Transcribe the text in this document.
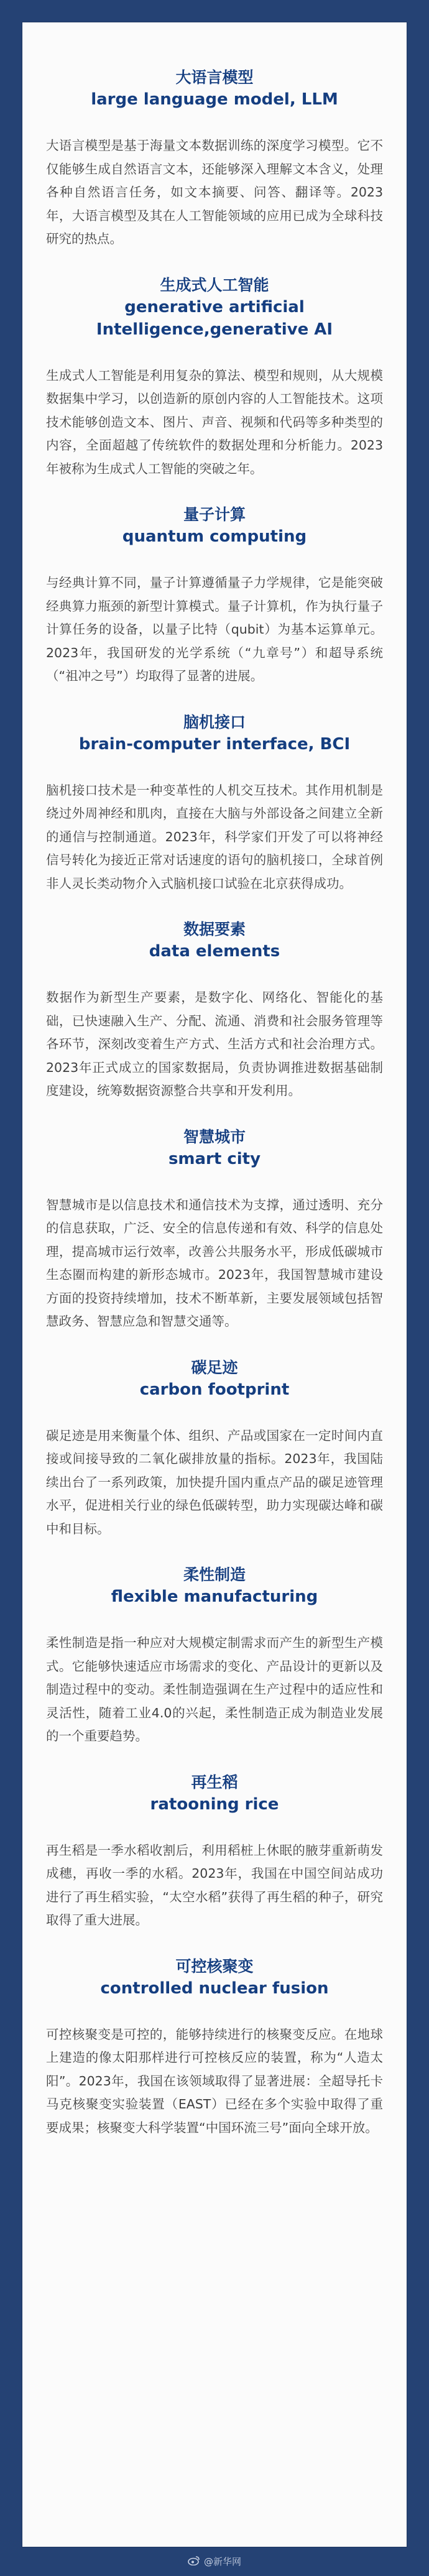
大语言模型

large language model, LLM

大语言模型是基于海量文本数据训练的深度学习模型。它不仅能够生成自然语言文本，还能够深入理解文本含义，处理各种自然语言任务，如文本摘要、问答、翻译等。2023年，大语言模型及其在人工智能领域的应用已成为全球科技研究的热点。

生成式人工智能

generative artificial Intelligence,generative AI

生成式人工智能是利用复杂的算法、模型和规则，从大规模数据集中学习，以创造新的原创内容的人工智能技术。这项技术能够创造文本、图片、声音、视频和代码等多种类型的内容，全面超越了传统软件的数据处理和分析能力。2023年被称为生成式人工智能的突破之年。

量子计算

quantum computing

与经典计算不同，量子计算遵循量子力学规律，它是能突破经典算力瓶颈的新型计算模式。量子计算机，作为执行量子计算任务的设备，以量子比特（qubit）为基本运算单元。2023年，我国研发的光学系统（“九章号”）和超导系统（“祖冲之号”）均取得了显著的进展。

脑机接口

brain-computer interface, BCI

脑机接口技术是一种变革性的人机交互技术。其作用机制是绕过外周神经和肌肉，直接在大脑与外部设备之间建立全新的通信与控制通道。2023年，科学家们开发了可以将神经信号转化为接近正常对话速度的语句的脑机接口，全球首例非人灵长类动物介入式脑机接口试验在北京获得成功。

数据要素

data elements

数据作为新型生产要素，是数字化、网络化、智能化的基础，已快速融入生产、分配、流通、消费和社会服务管理等各环节，深刻改变着生产方式、生活方式和社会治理方式。2023年正式成立的国家数据局，负责协调推进数据基础制度建设，统筹数据资源整合共享和开发利用。

智慧城市

smart city

智慧城市是以信息技术和通信技术为支撑，通过透明、充分的信息获取，广泛、安全的信息传递和有效、科学的信息处理，提高城市运行效率，改善公共服务水平，形成低碳城市生态圈而构建的新形态城市。2023年，我国智慧城市建设方面的投资持续增加，技术不断革新，主要发展领域包括智慧政务、智慧应急和智慧交通等。

碳足迹

carbon footprint

碳足迹是用来衡量个体、组织、产品或国家在一定时间内直接或间接导致的二氧化碳排放量的指标。2023年，我国陆续出台了一系列政策，加快提升国内重点产品的碳足迹管理水平，促进相关行业的绿色低碳转型，助力实现碳达峰和碳中和目标。

柔性制造

flexible manufacturing

柔性制造是指一种应对大规模定制需求而产生的新型生产模式。它能够快速适应市场需求的变化、产品设计的更新以及制造过程中的变动。柔性制造强调在生产过程中的适应性和灵活性，随着工业4.0的兴起，柔性制造正成为制造业发展的一个重要趋势。

再生稻

ratooning rice

再生稻是一季水稻收割后，利用稻桩上休眠的腋芽重新萌发成穗，再收一季的水稻。2023年，我国在中国空间站成功进行了再生稻实验，“太空水稻”获得了再生稻的种子，研究取得了重大进展。

可控核聚变

controlled nuclear fusion

可控核聚变是可控的，能够持续进行的核聚变反应。在地球上建造的像太阳那样进行可控核反应的装置，称为“人造太阳”。2023年，我国在该领域取得了显著进展：全超导托卡马克核聚变实验装置（EAST）已经在多个实验中取得了重要成果；核聚变大科学装置“中国环流三号”面向全球开放。

@新华网
